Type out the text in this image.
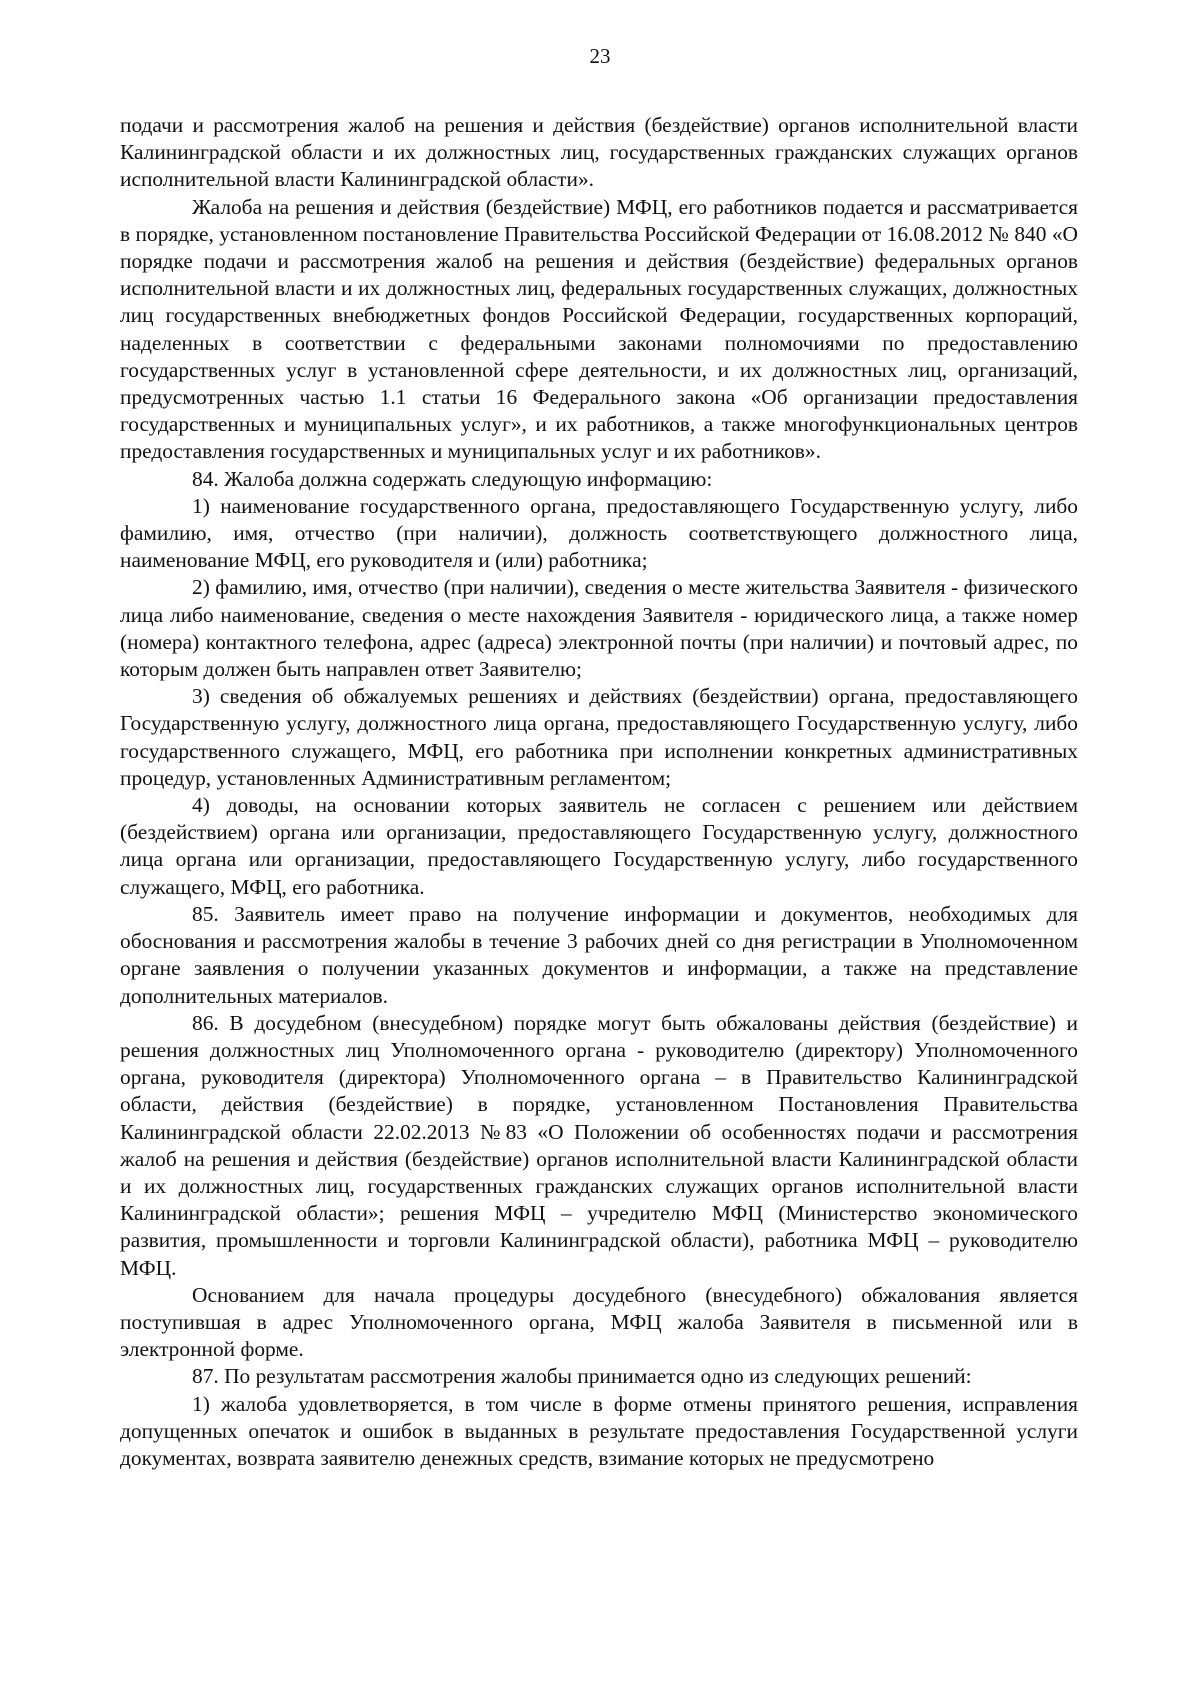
23

подачи и рассмотрения жалоб на решения и действия (бездействие) органов исполнительной власти Калининградской области и их должностных лиц, государственных гражданских служащих органов исполнительной власти Калининградской области».

Жалоба на решения и действия (бездействие) МФЦ, его работников подается и рассматривается в порядке, установленном постановление Правительства Российской Федерации от 16.08.2012 № 840 «О порядке подачи и рассмотрения жалоб на решения и действия (бездействие) федеральных органов исполнительной власти и их должностных лиц, федеральных государственных служащих, должностных лиц государственных внебюджетных фондов Российской Федерации, государственных корпораций, наделенных в соответствии с федеральными законами полномочиями по предоставлению государственных услуг в установленной сфере деятельности, и их должностных лиц, организаций, предусмотренных частью 1.1 статьи 16 Федерального закона «Об организации предоставления государственных и муниципальных услуг», и их работников, а также многофункциональных центров предоставления государственных и муниципальных услуг и их работников».

84. Жалоба должна содержать следующую информацию:

1) наименование государственного органа, предоставляющего Государственную услугу, либо фамилию, имя, отчество (при наличии), должность соответствующего должностного лица, наименование МФЦ, его руководителя и (или) работника;

2) фамилию, имя, отчество (при наличии), сведения о месте жительства Заявителя - физического лица либо наименование, сведения о месте нахождения Заявителя - юридического лица, а также номер (номера) контактного телефона, адрес (адреса) электронной почты (при наличии) и почтовый адрес, по которым должен быть направлен ответ Заявителю;

3) сведения об обжалуемых решениях и действиях (бездействии) органа, предоставляющего Государственную услугу, должностного лица органа, предоставляющего Государственную услугу, либо государственного служащего, МФЦ, его работника при исполнении конкретных административных процедур, установленных Административным регламентом;

4) доводы, на основании которых заявитель не согласен с решением или действием (бездействием) органа или организации, предоставляющего Государственную услугу, должностного лица органа или организации, предоставляющего Государственную услугу, либо государственного служащего, МФЦ, его работника.

85. Заявитель имеет право на получение информации и документов, необходимых для обоснования и рассмотрения жалобы в течение 3 рабочих дней со дня регистрации в Уполномоченном органе заявления о получении указанных документов и информации, а также на представление дополнительных материалов.

86. В досудебном (внесудебном) порядке могут быть обжалованы действия (бездействие) и решения должностных лиц Уполномоченного органа - руководителю (директору) Уполномоченного органа, руководителя (директора) Уполномоченного органа – в Правительство Калининградской области, действия (бездействие) в порядке, установленном Постановления Правительства Калининградской области 22.02.2013 №83 «О Положении об особенностях подачи и рассмотрения жалоб на решения и действия (бездействие) органов исполнительной власти Калининградской области и их должностных лиц, государственных гражданских служащих органов исполнительной власти Калининградской области»; решения МФЦ – учредителю МФЦ (Министерство экономического развития, промышленности и торговли Калининградской области), работника МФЦ – руководителю МФЦ.

Основанием для начала процедуры досудебного (внесудебного) обжалования является поступившая в адрес Уполномоченного органа, МФЦ жалоба Заявителя в письменной или в электронной форме.

87. По результатам рассмотрения жалобы принимается одно из следующих решений:

1) жалоба удовлетворяется, в том числе в форме отмены принятого решения, исправления допущенных опечаток и ошибок в выданных в результате предоставления Государственной услуги документах, возврата заявителю денежных средств, взимание которых не предусмотрено
